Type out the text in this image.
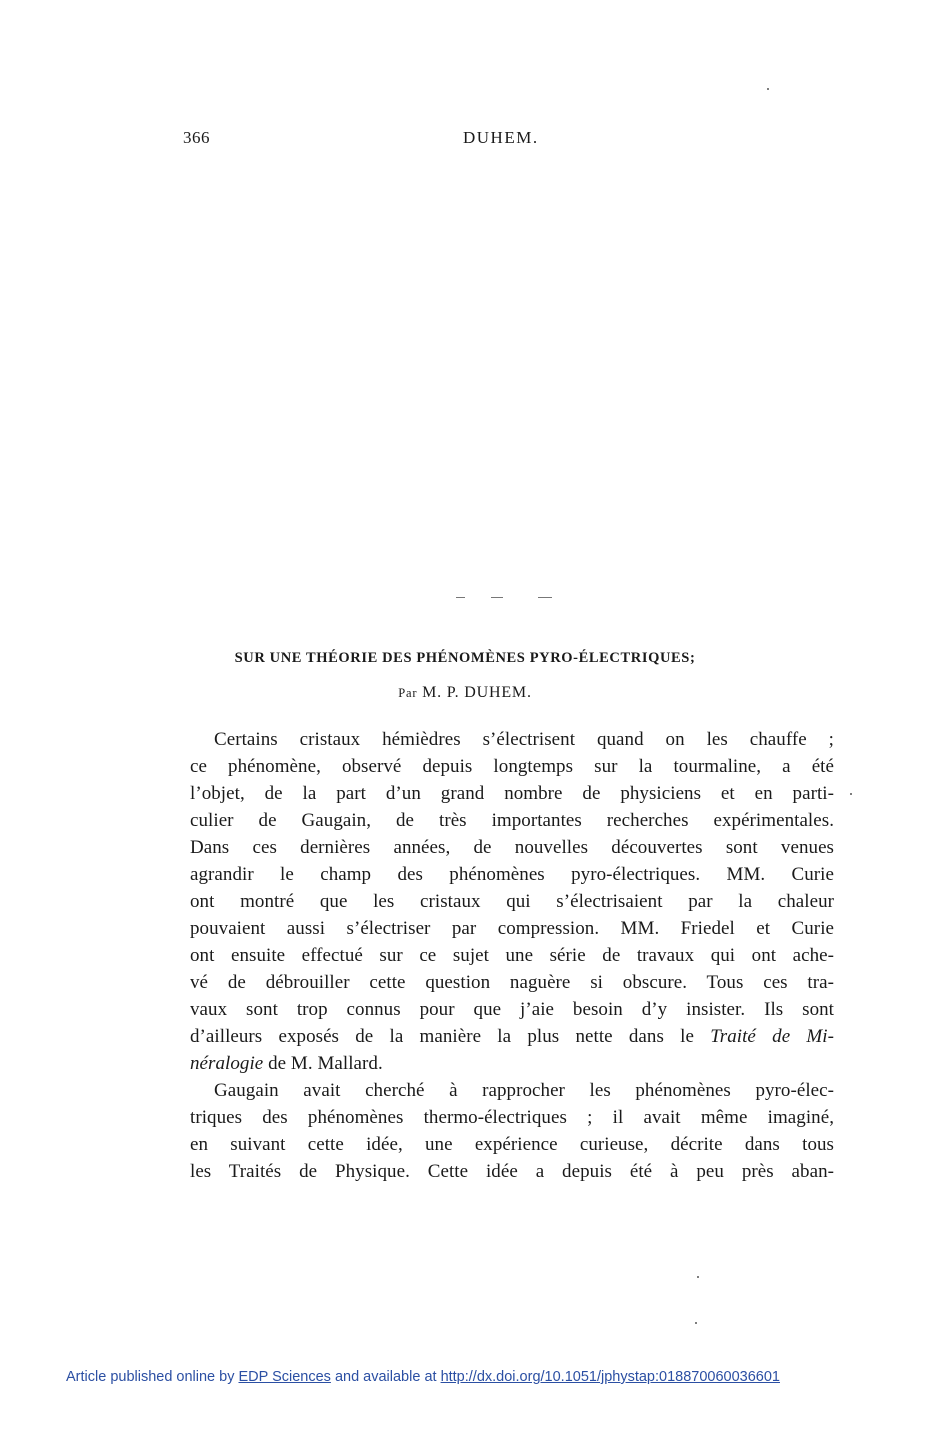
366	DUHEM.
SUR UNE THÉORIE DES PHÉNOMÈNES PYRO-ÉLECTRIQUES;
Par M. P. DUHEM.
Certains cristaux hémièdres s’électrisent quand on les chauffe ;
ce phénomène, observé depuis longtemps sur la tourmaline, a été
l’objet, de la part d’un grand nombre de physiciens et en parti-
culier de Gaugain, de très importantes recherches expérimentales.
Dans ces dernières années, de nouvelles découvertes sont venues
agrandir le champ des phénomènes pyro-électriques. MM. Curie
ont montré que les cristaux qui s’électrisaient par la chaleur
pouvaient aussi s’électriser par compression. MM. Friedel et Curie
ont ensuite effectué sur ce sujet une série de travaux qui ont ache-
vé de débrouiller cette question naguère si obscure. Tous ces tra-
vaux sont trop connus pour que j’aie besoin d’y insister. Ils sont
d’ailleurs exposés de la manière la plus nette dans le Traité de Mi-
néralogie de M. Mallard.
Gaugain avait cherché à rapprocher les phénomènes pyro-élec-
triques des phénomènes thermo-électriques ; il avait même imaginé,
en suivant cette idée, une expérience curieuse, décrite dans tous
les Traités de Physique. Cette idée a depuis été à peu près aban-
Article published online by EDP Sciences and available at http://dx.doi.org/10.1051/jphystap:018870060036601
